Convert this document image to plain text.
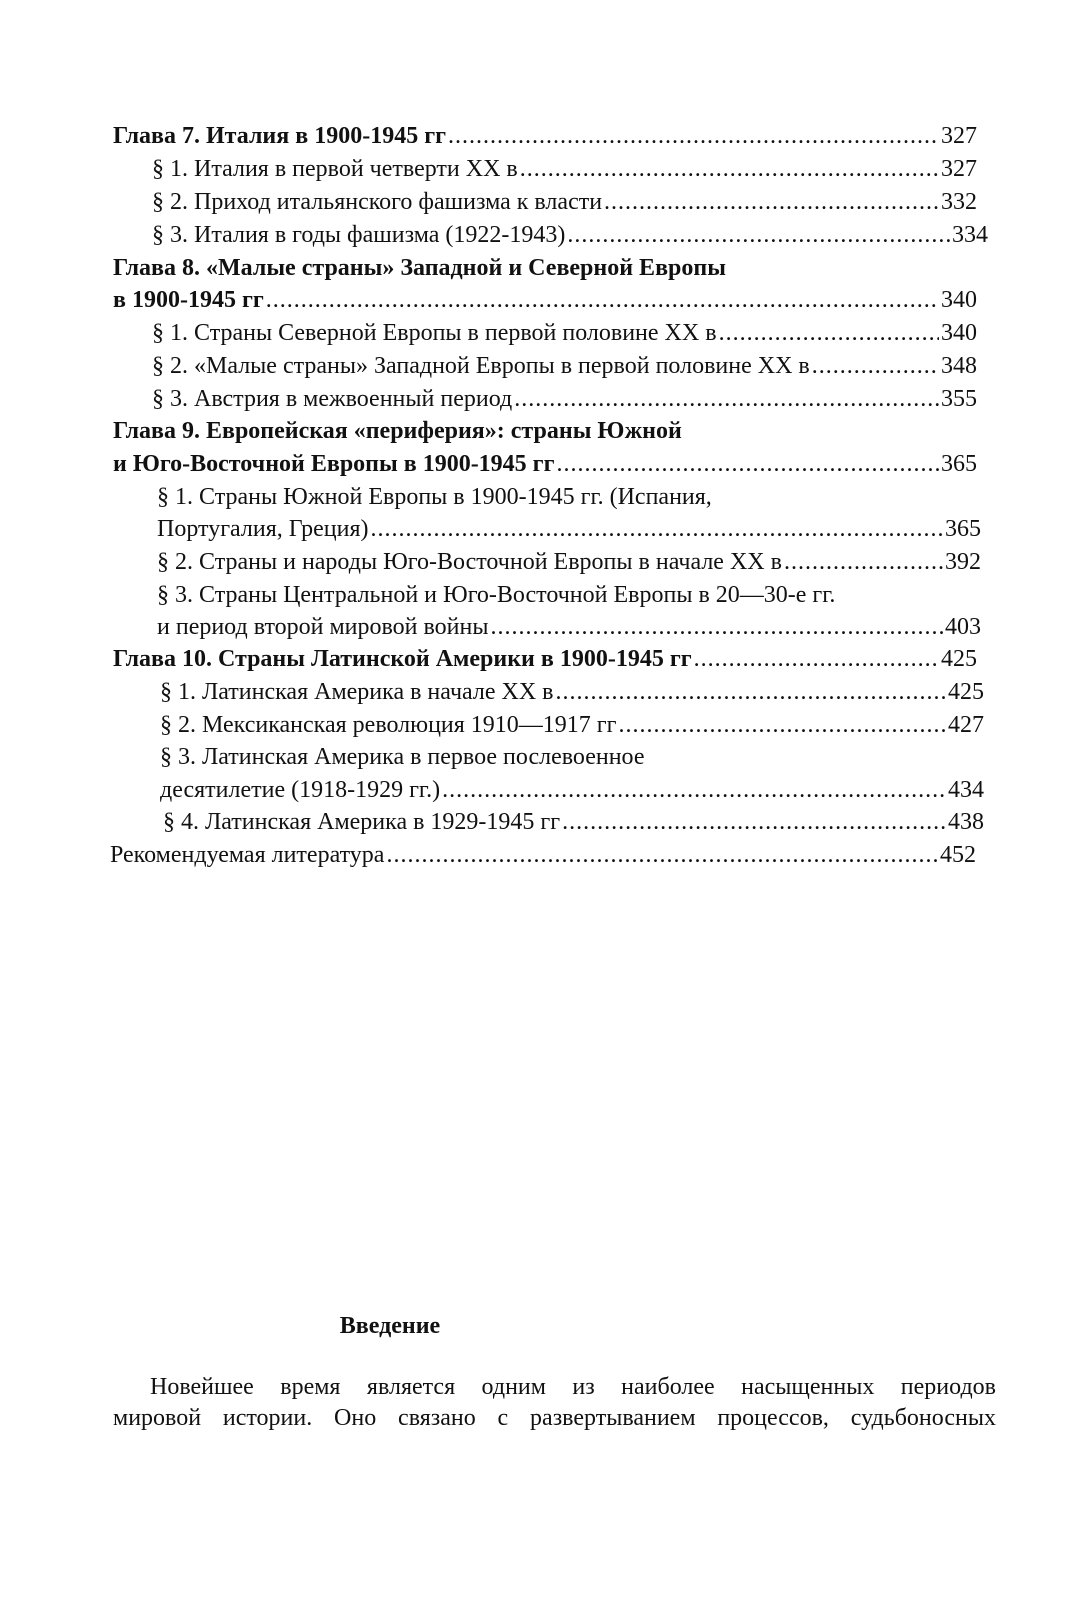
Глава 7. Италия в 1900-1945 гг .....	327
§ 1. Италия в первой четверти XX в .....	327
§ 2. Приход итальянского фашизма к власти .....	332
§ 3. Италия в годы фашизма (1922-1943) .....	334
Глава 8. «Малые страны» Западной и Северной Европы
в 1900-1945 гг .....	340
§ 1. Страны Северной Европы в первой половине XX в .....	340
§ 2. «Малые страны» Западной Европы в первой половине XX в .....	348
§ 3. Австрия в межвоенный период .....	355
Глава 9. Европейская «периферия»: страны Южной
и Юго-Восточной Европы в 1900-1945 гг .....	365
§ 1. Страны Южной Европы в 1900-1945 гг. (Испания,
Португалия, Греция) .....	365
§ 2. Страны и народы Юго-Восточной Европы в начале XX в .....	392
§ 3. Страны Центральной и Юго-Восточной Европы в 20—30-е гг.
и период второй мировой войны .....	403
Глава 10. Страны Латинской Америки в 1900-1945 гг .....	425
§ 1. Латинская Америка в начале XX в .....	425
§ 2. Мексиканская революция 1910—1917 гг .....	427
§ 3. Латинская Америка в первое послевоенное
десятилетие (1918-1929 гг.) .....	434
§ 4. Латинская Америка в 1929-1945 гг .....	438
Рекомендуемая литература .....	452
Введение
Новейшее время является одним из наиболее насыщенных периодов
мировой истории. Оно связано с развертыванием процессов, судьбоносных
